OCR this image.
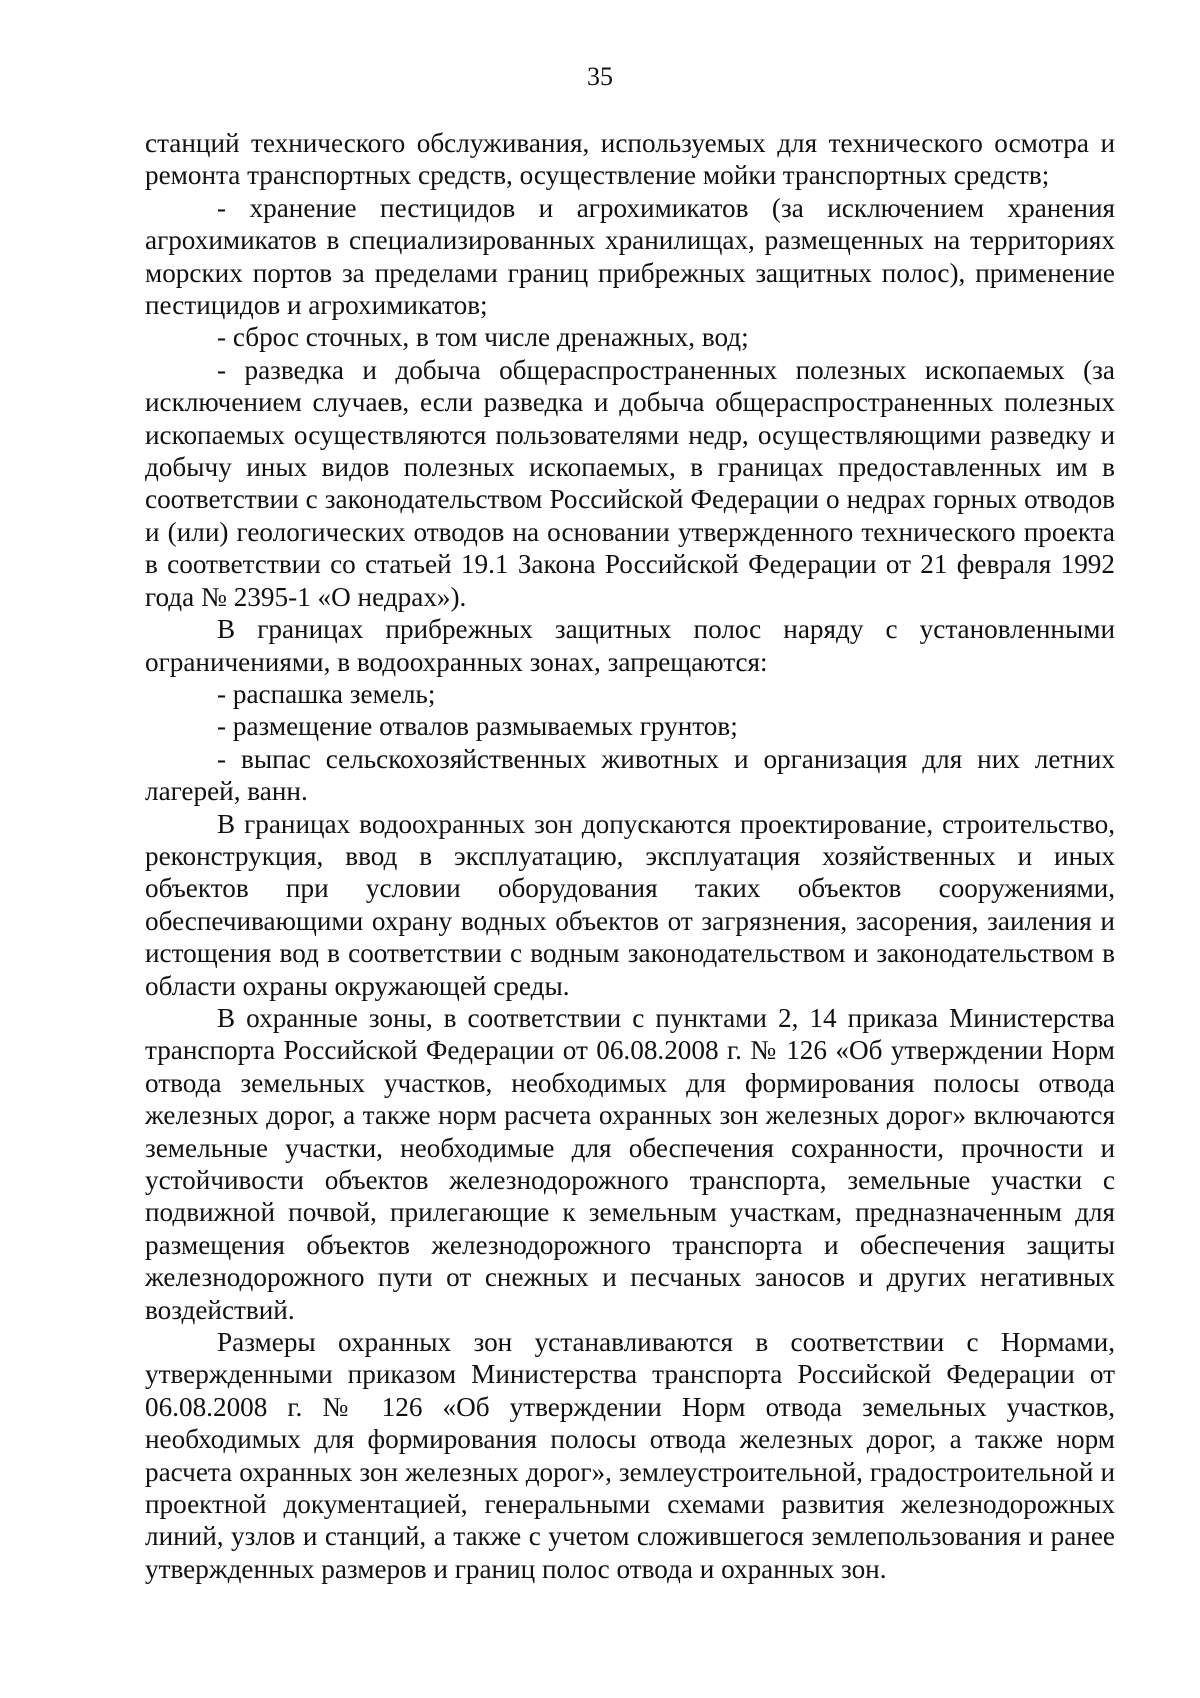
35

станций технического обслуживания, используемых для технического осмотра и ремонта транспортных средств, осуществление мойки транспортных средств;

- хранение пестицидов и агрохимикатов (за исключением хранения агрохимикатов в специализированных хранилищах, размещенных на территориях морских портов за пределами границ прибрежных защитных полос), применение пестицидов и агрохимикатов;

- сброс сточных, в том числе дренажных, вод;

- разведка и добыча общераспространенных полезных ископаемых (за исключением случаев, если разведка и добыча общераспространенных полезных ископаемых осуществляются пользователями недр, осуществляющими разведку и добычу иных видов полезных ископаемых, в границах предоставленных им в соответствии с законодательством Российской Федерации о недрах горных отводов и (или) геологических отводов на основании утвержденного технического проекта в соответствии со статьей 19.1 Закона Российской Федерации от 21 февраля 1992 года № 2395-1 «О недрах»).

В границах прибрежных защитных полос наряду с установленными ограничениями, в водоохранных зонах, запрещаются:

- распашка земель;

- размещение отвалов размываемых грунтов;

- выпас сельскохозяйственных животных и организация для них летних лагерей, ванн.

В границах водоохранных зон допускаются проектирование, строительство, реконструкция, ввод в эксплуатацию, эксплуатация хозяйственных и иных объектов при условии оборудования таких объектов сооружениями, обеспечивающими охрану водных объектов от загрязнения, засорения, заиления и истощения вод в соответствии с водным законодательством и законодательством в области охраны окружающей среды.

В охранные зоны, в соответствии с пунктами 2, 14 приказа Министерства транспорта Российской Федерации от 06.08.2008 г. № 126 «Об утверждении Норм отвода земельных участков, необходимых для формирования полосы отвода железных дорог, а также норм расчета охранных зон железных дорог» включаются земельные участки, необходимые для обеспечения сохранности, прочности и устойчивости объектов железнодорожного транспорта, земельные участки с подвижной почвой, прилегающие к земельным участкам, предназначенным для размещения объектов железнодорожного транспорта и обеспечения защиты железнодорожного пути от снежных и песчаных заносов и других негативных воздействий.

Размеры охранных зон устанавливаются в соответствии с Нормами, утвержденными приказом Министерства транспорта Российской Федерации от 06.08.2008 г. № 126 «Об утверждении Норм отвода земельных участков, необходимых для формирования полосы отвода железных дорог, а также норм расчета охранных зон железных дорог», землеустроительной, градостроительной и проектной документацией, генеральными схемами развития железнодорожных линий, узлов и станций, а также с учетом сложившегося землепользования и ранее утвержденных размеров и границ полос отвода и охранных зон.
